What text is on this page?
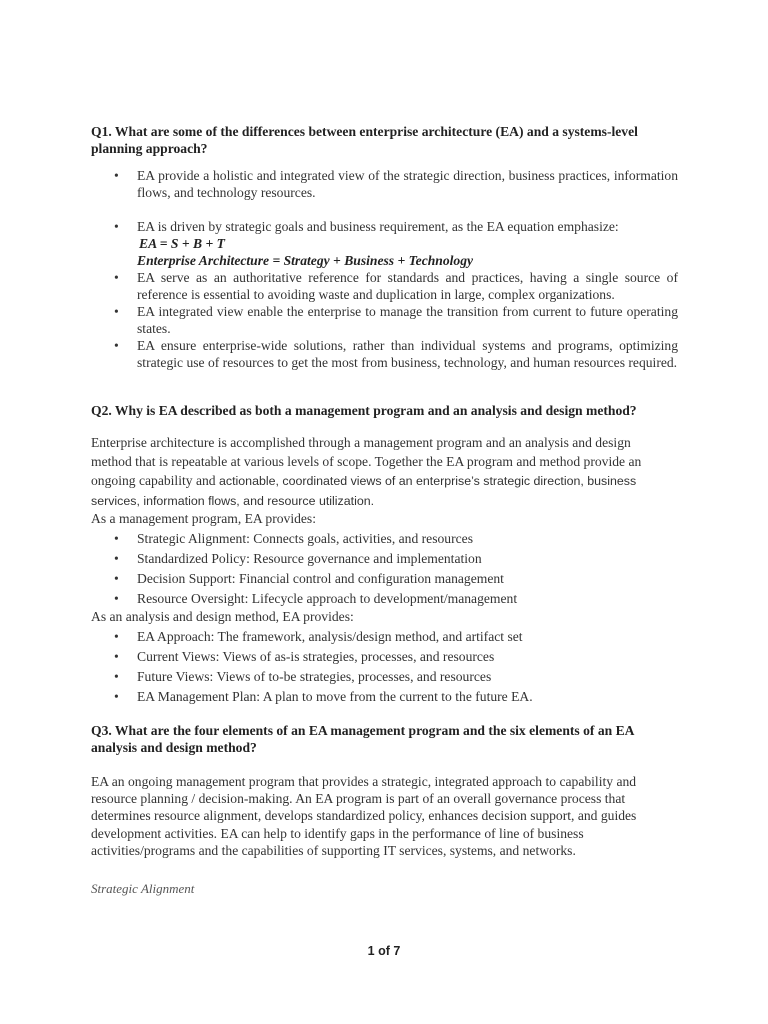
Q1. What are some of the differences between enterprise architecture (EA) and a systems-level planning approach?
• EA provide a holistic and integrated view of the strategic direction, business practices, information flows, and technology resources.
• EA is driven by strategic goals and business requirement, as the EA equation emphasize:
EA = S + B + T
Enterprise Architecture = Strategy + Business + Technology
• EA serve as an authoritative reference for standards and practices, having a single source of reference is essential to avoiding waste and duplication in large, complex organizations.
• EA integrated view enable the enterprise to manage the transition from current to future operating states.
• EA ensure enterprise-wide solutions, rather than individual systems and programs, optimizing strategic use of resources to get the most from business, technology, and human resources required.
Q2. Why is EA described as both a management program and an analysis and design method?
Enterprise architecture is accomplished through a management program and an analysis and design method that is repeatable at various levels of scope. Together the EA program and method provide an ongoing capability and actionable, coordinated views of an enterprise’s strategic direction, business services, information flows, and resource utilization.
As a management program, EA provides:
• Strategic Alignment: Connects goals, activities, and resources
• Standardized Policy: Resource governance and implementation
• Decision Support: Financial control and configuration management
• Resource Oversight: Lifecycle approach to development/management
As an analysis and design method, EA provides:
• EA Approach: The framework, analysis/design method, and artifact set
• Current Views: Views of as-is strategies, processes, and resources
• Future Views: Views of to-be strategies, processes, and resources
• EA Management Plan: A plan to move from the current to the future EA.
Q3. What are the four elements of an EA management program and the six elements of an EA analysis and design method?
EA an ongoing management program that provides a strategic, integrated approach to capability and resource planning / decision-making. An EA program is part of an overall governance process that determines resource alignment, develops standardized policy, enhances decision support, and guides development activities. EA can help to identify gaps in the performance of line of business activities/programs and the capabilities of supporting IT services, systems, and networks.
Strategic Alignment
1 of 7
